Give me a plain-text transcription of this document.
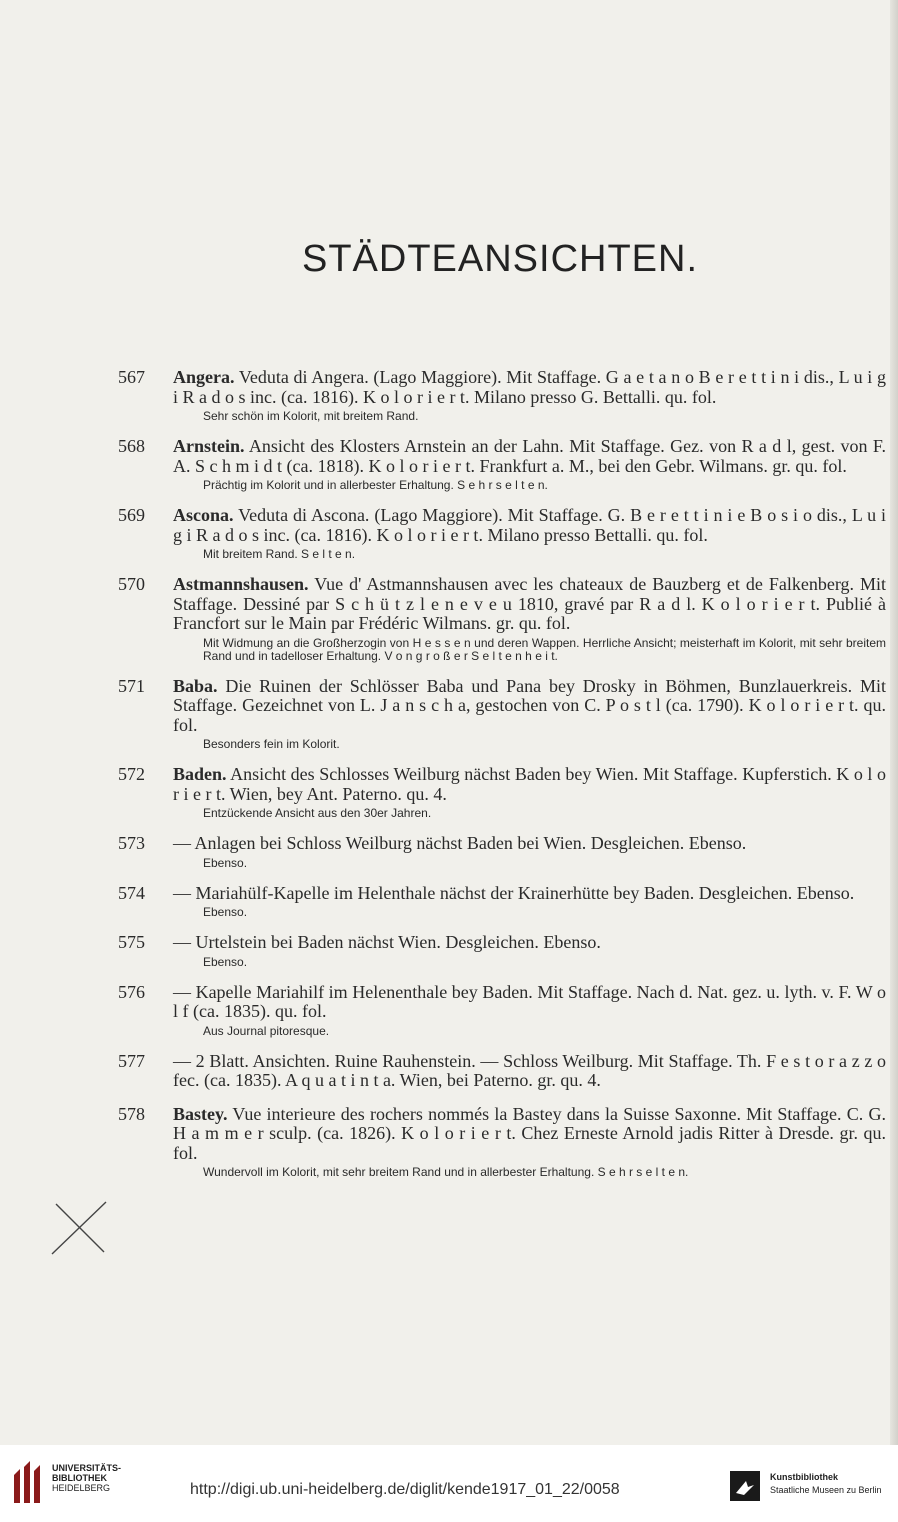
STÄDTEANSICHTEN.
567	Angera. Veduta di Angera. (Lago Maggiore). Mit Staffage. G a e t a n o B e r e t t i n i dis., L u i g i R a d o s inc. (ca. 1816). K o l o r i e r t. Milano presso G. Bettalli. qu. fol.
Sehr schön im Kolorit, mit breitem Rand.
568	Arnstein. Ansicht des Klosters Arnstein an der Lahn. Mit Staffage. Gez. von R a d l, gest. von F. A. S c h m i d t (ca. 1818). K o l o r i e r t. Frankfurt a. M., bei den Gebr. Wilmans. gr. qu. fol.
Prächtig im Kolorit und in allerbester Erhaltung. S e h r s e l t e n.
569	Ascona. Veduta di Ascona. (Lago Maggiore). Mit Staffage. G. B e r e t t i n i e B o s i o dis., L u i g i R a d o s inc. (ca. 1816). K o l o r i e r t. Milano presso Bettalli. qu. fol.
Mit breitem Rand. S e l t e n.
570	Astmannshausen. Vue d' Astmannshausen avec les chateaux de Bauzberg et de Falkenberg. Mit Staffage. Dessiné par S c h ü t z l e n e v e u 1810, gravé par R a d l. K o l o r i e r t. Publié à Francfort sur le Main par Frédéric Wilmans. gr. qu. fol.
Mit Widmung an die Großherzogin von H e s s e n und deren Wappen. Herrliche Ansicht; meisterhaft im Kolorit, mit sehr breitem Rand und in tadelloser Erhaltung. V o n g r o ß e r S e l t e n h e i t.
571	Baba. Die Ruinen der Schlösser Baba und Pana bey Drosky in Böhmen, Bunzlauerkreis. Mit Staffage. Gezeichnet von L. J a n s c h a, gestochen von C. P o s t l (ca. 1790). K o l o r i e r t. qu. fol.
Besonders fein im Kolorit.
572	Baden. Ansicht des Schlosses Weilburg nächst Baden bey Wien. Mit Staffage. Kupferstich. K o l o r i e r t. Wien, bey Ant. Paterno. qu. 4.
Entzückende Ansicht aus den 30er Jahren.
573	— Anlagen bei Schloss Weilburg nächst Baden bei Wien. Desgleichen. Ebenso.
Ebenso.
574	— Mariahülf-Kapelle im Helenthale nächst der Krainerhütte bey Baden. Desgleichen. Ebenso.
Ebenso.
575	— Urtelstein bei Baden nächst Wien. Desgleichen. Ebenso.
Ebenso.
576	— Kapelle Mariahilf im Helenenthale bey Baden. Mit Staffage. Nach d. Nat. gez. u. lyth. v. F. W o l f (ca. 1835). qu. fol.
Aus Journal pitoresque.
577	— 2 Blatt. Ansichten. Ruine Rauhenstein. — Schloss Weilburg. Mit Staffage. Th. F e s t o r a z z o fec. (ca. 1835). A q u a t i n t a. Wien, bei Paterno. gr. qu. 4.
578	Bastey. Vue interieure des rochers nommés la Bastey dans la Suisse Saxonne. Mit Staffage. C. G. H a m m e r sculp. (ca. 1826). K o l o r i e r t. Chez Erneste Arnold jadis Ritter à Dresde. gr. qu. fol.
Wundervoll im Kolorit, mit sehr breitem Rand und in allerbester Erhaltung. S e h r s e l t e n.
UNIVERSITÄTS-
BIBLIOTHEK
HEIDELBERG	http://digi.ub.uni-heidelberg.de/diglit/kende1917_01_22/0058
Kunstbibliothek
Staatliche Museen zu Berlin
